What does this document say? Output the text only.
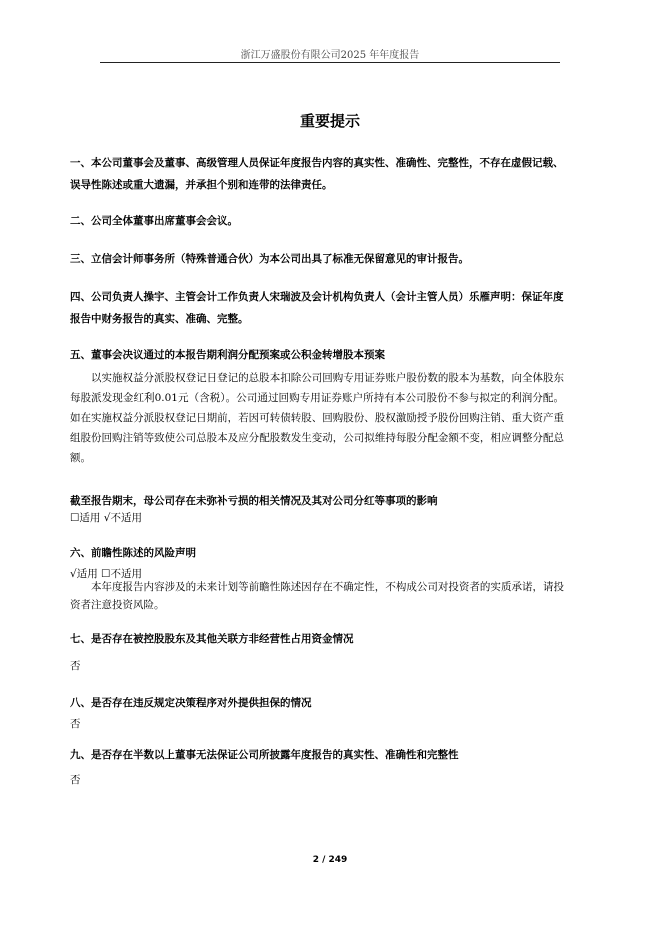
浙江万盛股份有限公司2025 年年度报告
重要提示
一、本公司董事会及董事、高级管理人员保证年度报告内容的真实性、准确性、完整性，不存在虚假记载、误导性陈述或重大遗漏，并承担个别和连带的法律责任。
二、公司全体董事出席董事会会议。
三、立信会计师事务所（特殊普通合伙）为本公司出具了标准无保留意见的审计报告。
四、公司负责人操宇、主管会计工作负责人宋瑞波及会计机构负责人（会计主管人员）乐雁声明：保证年度报告中财务报告的真实、准确、完整。
五、董事会决议通过的本报告期利润分配预案或公积金转增股本预案
以实施权益分派股权登记日登记的总股本扣除公司回购专用证券账户股份数的股本为基数，向全体股东每股派发现金红利0.01元（含税）。公司通过回购专用证券账户所持有本公司股份不参与拟定的利润分配。如在实施权益分派股权登记日期前，若因可转债转股、回购股份、股权激励授予股份回购注销、重大资产重组股份回购注销等致使公司总股本及应分配股数发生变动，公司拟维持每股分配金额不变，相应调整分配总额。
截至报告期末，母公司存在未弥补亏损的相关情况及其对公司分红等事项的影响
☐适用 √不适用
六、前瞻性陈述的风险声明
√适用 ☐不适用
本年度报告内容涉及的未来计划等前瞻性陈述因存在不确定性，不构成公司对投资者的实质承诺，请投资者注意投资风险。
七、是否存在被控股股东及其他关联方非经营性占用资金情况
否
八、是否存在违反规定决策程序对外提供担保的情况
否
九、是否存在半数以上董事无法保证公司所披露年度报告的真实性、准确性和完整性
否
2 / 249
